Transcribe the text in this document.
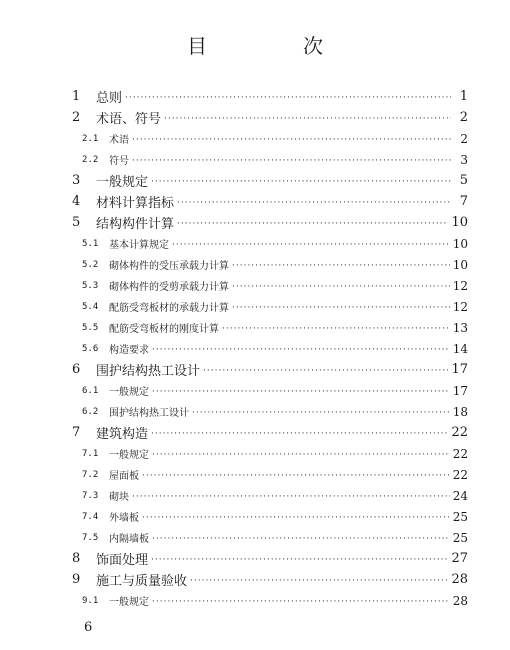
目　次
1	总则 ·····	1
2	术语、符号 ·····	2
2.1	术语 ·····	2
2.2	符号 ·····	3
3	一般规定 ·····	5
4	材料计算指标 ·····	7
5	结构构件计算 ·····	10
5.1	基本计算规定 ·····	10
5.2	砌体构件的受压承载力计算 ·····	10
5.3	砌体构件的受剪承载力计算 ·····	12
5.4	配筋受弯板材的承载力计算 ·····	12
5.5	配筋受弯板材的刚度计算 ·····	13
5.6	构造要求 ·····	14
6	围护结构热工设计 ·····	17
6.1	一般规定 ·····	17
6.2	围护结构热工设计 ·····	18
7	建筑构造 ·····	22
7.1	一般规定 ·····	22
7.2	屋面板 ·····	22
7.3	砌块 ·····	24
7.4	外墙板 ·····	25
7.5	内隔墙板 ·····	25
8	饰面处理 ·····	27
9	施工与质量验收 ·····	28
9.1	一般规定 ·····	28
6
